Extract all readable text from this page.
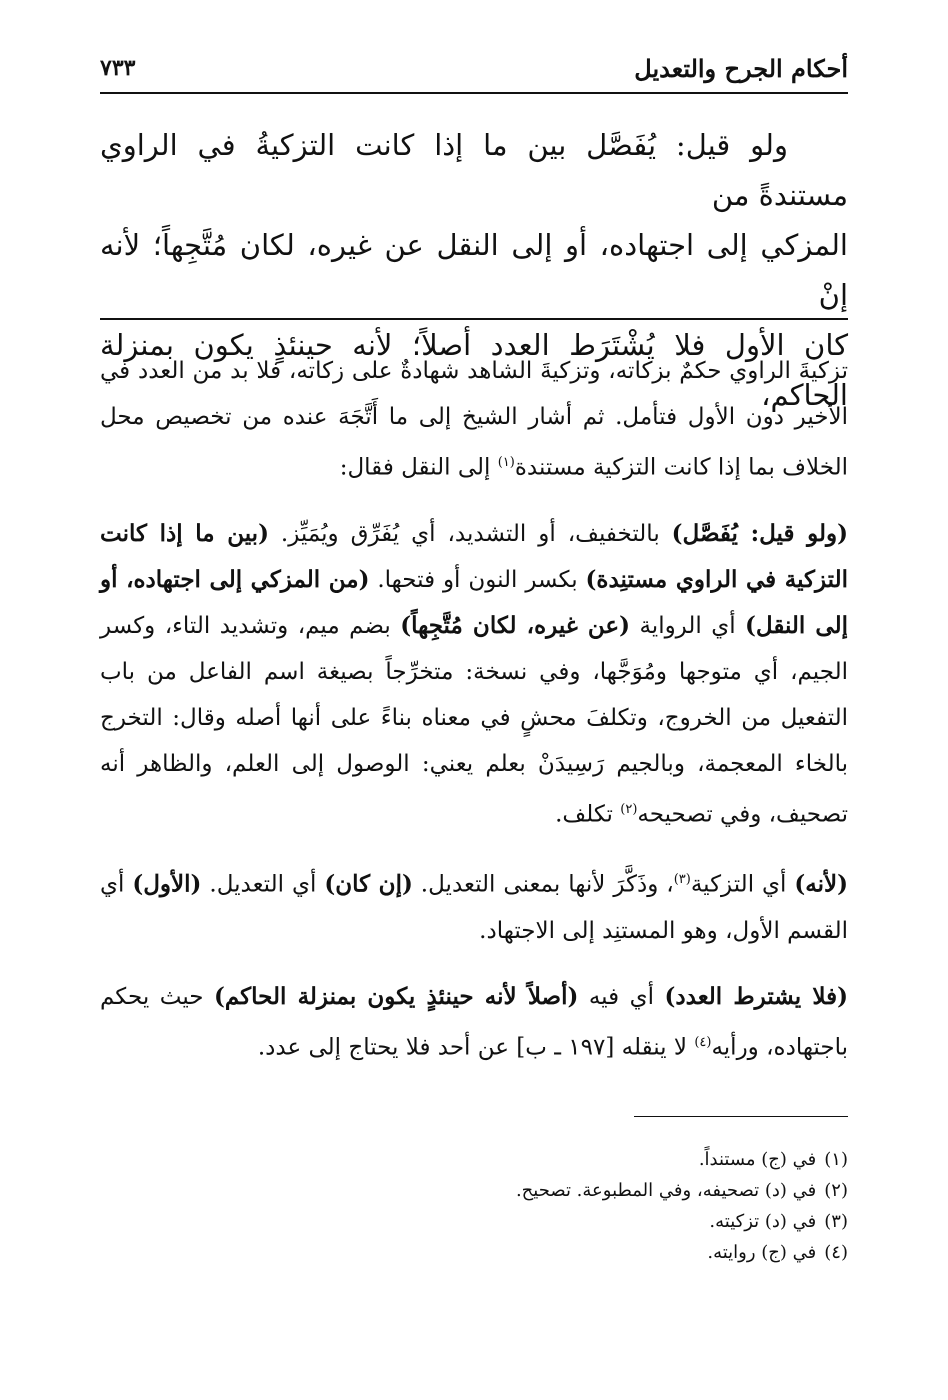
أحكام الجرح والتعديل
٧٣٣
ولو قيل: يُفَصَّل بين ما إذا كانت التزكيةُ في الراوي مستندةً من
المزكي إلى اجتهاده، أو إلى النقل عن غيره، لكان مُتَّجِهاً؛ لأنه إنْ
كان الأول فلا يُشْتَرَط العدد أصلاً؛ لأنه حينئذٍ يكون بمنزلة الحاكم،

تزكيةَ الراوي حكمٌ بزكاته، وتزكيةَ الشاهد شهادةٌ على زكاته، فلا بد من العدد في الأخير دون الأول فتأمل. ثم أشار الشيخ إلى ما أَتَّجَهَ عنده من تخصيص محل الخلاف بما إذا كانت التزكية مستندة$^{(١)}$ إلى النقل فقال:

(ولو قيل: يُفَصَّل) بالتخفيف، أو التشديد، أي يُفَرِّق ويُمَيِّز. (بين ما إذا كانت التزكية في الراوي مستنِدة) بكسر النون أو فتحها. (من المزكي إلى اجتهاده، أو إلى النقل) أي الرواية (عن غيره، لكان مُتَّجِهاً) بضم ميم، وتشديد التاء، وكسر الجيم، أي متوجها ومُوَجَّها، وفي نسخة: متخرِّجاً بصيغة اسم الفاعل من باب التفعيل من الخروج، وتكلفَ محشٍ في معناه بناءً على أنها أصله وقال: التخرج بالخاء المعجمة، وبالجيم رَسِيدَنْ بعلم يعني: الوصول إلى العلم، والظاهر أنه تصحيف، وفي تصحيحه$^{(٢)}$ تكلف.

(لأنه) أي التزكية$^{(٣)}$، وذَكَّرَ لأنها بمعنى التعديل. (إن كان) أي التعديل. (الأول) أي القسم الأول، وهو المستنِد إلى الاجتهاد.

(فلا يشترط العدد) أي فيه (أصلاً لأنه حينئذٍ يكون بمنزلة الحاكم) حيث يحكم باجتهاده، ورأيه$^{(٤)}$ لا ينقله [١٩٧ ـ ب] عن أحد فلا يحتاج إلى عدد.

(١)في (ج) مستنداً.
(٢)في (د) تصحيفه، وفي المطبوعة. تصحيح.
(٣)في (د) تزكيته.
(٤)في (ج) روايته.
